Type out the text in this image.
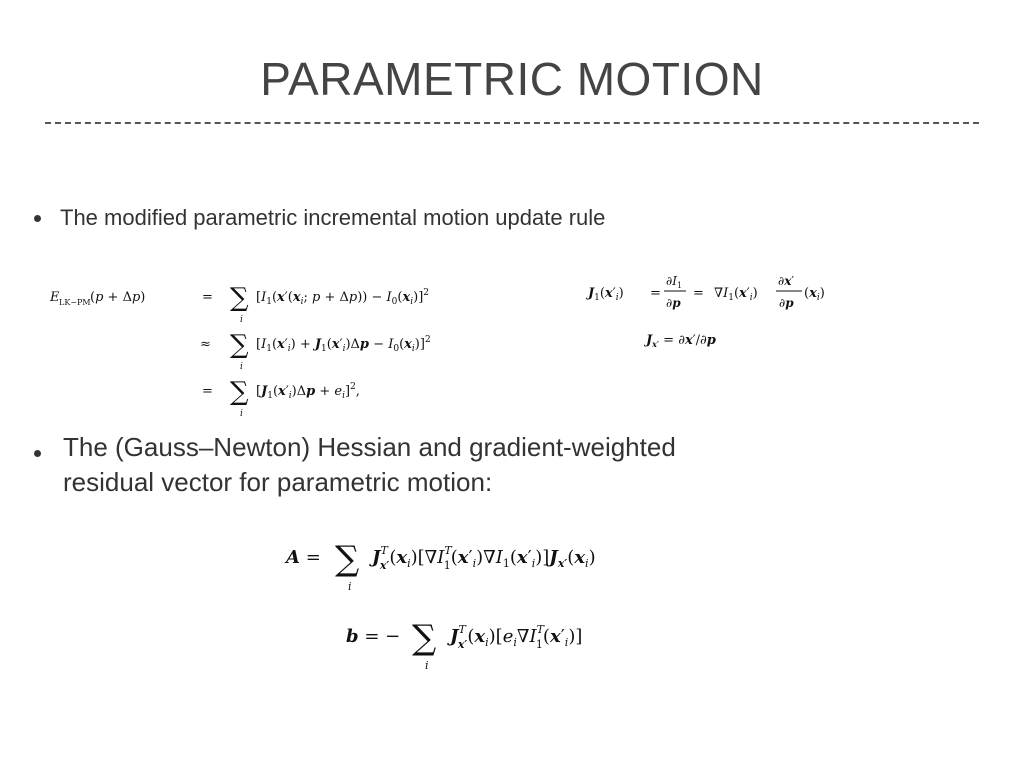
PARAMETRIC MOTION
The modified parametric incremental motion update rule
E LK−PM (p + Δp)	= ∑
i
[$I_1(x'(x_i$; $p + \Delta p)) - I_0(x_i)]^2$
≈ ∑
i
$[I_1(x'_i) + J_1(x'_i)\Delta p - I_0(x_i)]^2$
= ∑
i
$[J_1(x'_i)\Delta p + e_i]^2$,
$J_1(x'_i)$ =
$\partial I_1$
∂p
= $\nabla I_1(x'_i)$
∂x′
∂p
$(x_i)$
$J_{x'} = \partial x'/\partial p$
The (Gauss–Newton) Hessian and gradient-weighted residual vector for parametric motion:
A = ∑
i
$J^T$ $x'(x_i)[\nabla I^T$ $1(x'_i)\nabla I_1(x'_i)]J_{x'}(x_i)$
b = − ∑
i
$J^T$ $x'(x_i)[e_i\nabla I^T$ $1(x'_i)$]
